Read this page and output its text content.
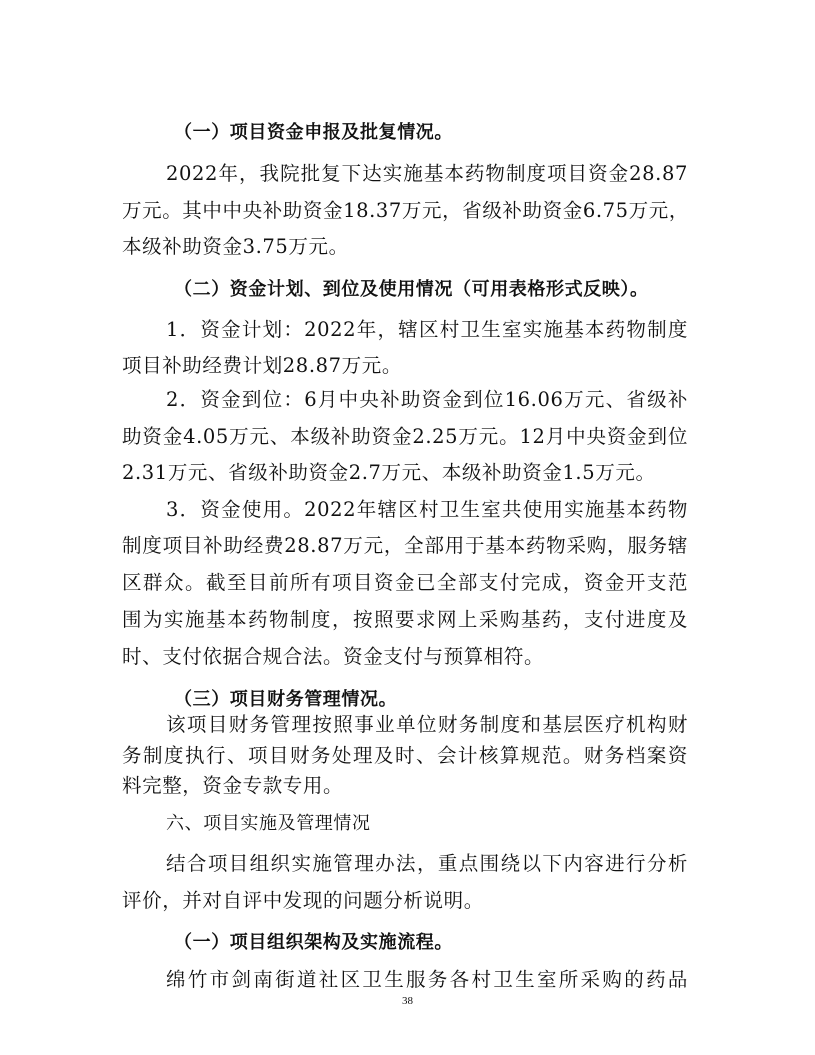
（一）项目资金申报及批复情况。
2022年，我院批复下达实施基本药物制度项目资金28.87
万元。其中中央补助资金18.37万元，省级补助资金6.75万元，
本级补助资金3.75万元。
（二）资金计划、到位及使用情况（可用表格形式反映）。
1．资金计划：2022年，辖区村卫生室实施基本药物制度
项目补助经费计划28.87万元。
2．资金到位：6月中央补助资金到位16.06万元、省级补
助资金4.05万元、本级补助资金2.25万元。12月中央资金到位
2.31万元、省级补助资金2.7万元、本级补助资金1.5万元。
3．资金使用。2022年辖区村卫生室共使用实施基本药物
制度项目补助经费28.87万元，全部用于基本药物采购，服务辖
区群众。截至目前所有项目资金已全部支付完成，资金开支范
围为实施基本药物制度，按照要求网上采购基药，支付进度及
时、支付依据合规合法。资金支付与预算相符。
（三）项目财务管理情况。
该项目财务管理按照事业单位财务制度和基层医疗机构财
务制度执行、项目财务处理及时、会计核算规范。财务档案资
料完整，资金专款专用。
六、项目实施及管理情况
结合项目组织实施管理办法，重点围绕以下内容进行分析
评价，并对自评中发现的问题分析说明。
（一）项目组织架构及实施流程。
绵竹市剑南街道社区卫生服务各村卫生室所采购的药品
38
